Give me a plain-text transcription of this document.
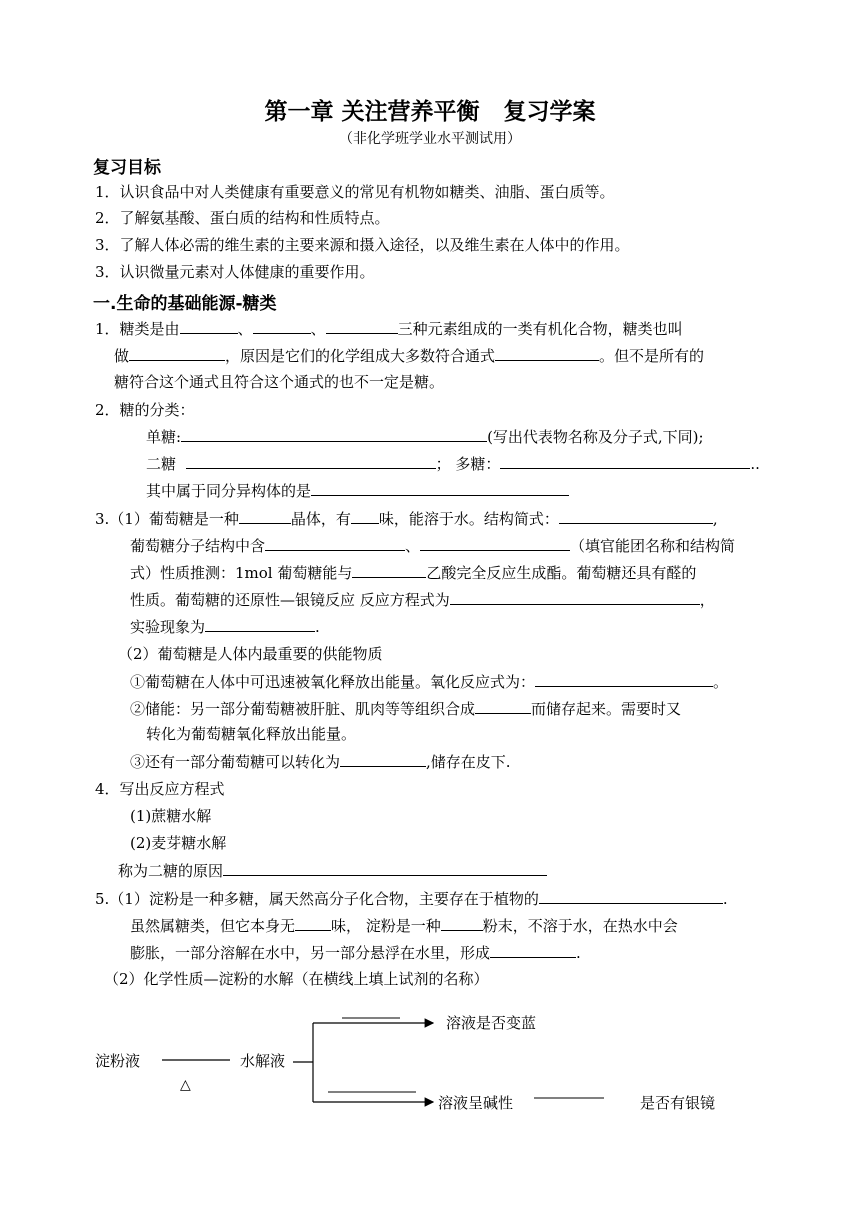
第一章 关注营养平衡 复习学案
（非化学班学业水平测试用）
复习目标
1．认识食品中对人类健康有重要意义的常见有机物如糖类、油脂、蛋白质等。
2．了解氨基酸、蛋白质的结构和性质特点。
3．了解人体必需的维生素的主要来源和摄入途径，以及维生素在人体中的作用。
3．认识微量元素对人体健康的重要作用。
一.生命的基础能源-糖类
1．糖类是由	、	、	三种元素组成的一类有机化合物，糖类也叫
做	，原因是它们的化学组成大多数符合通式	。但不是所有的
糖符合这个通式且符合这个通式的也不一定是糖。
2．糖的分类：
单糖:	(写出代表物名称及分子式,下同);
二糖	； 多糖：	..
其中属于同分异构体的是
3.（1）葡萄糖是一种	晶体，有 味，能溶于水。结构简式：	,
葡萄糖分子结构中含	、	（填官能团名称和结构简
式）性质推测：1mol 葡萄糖能与	乙酸完全反应生成酯。葡萄糖还具有醛的
性质。葡萄糖的还原性—银镜反应 反应方程式为	，
实验现象为	.
（2）葡萄糖是人体内最重要的供能物质
①葡萄糖在人体中可迅速被氧化释放出能量。氧化反应式为：	。
②储能：另一部分葡萄糖被肝脏、肌肉等等组织合成	而储存起来。需要时又
转化为葡萄糖氧化释放出能量。
③还有一部分葡萄糖可以转化为	,储存在皮下.
4．写出反应方程式
(1)蔗糖水解
(2)麦芽糖水解
称为二糖的原因
5.（1）淀粉是一种多糖，属天然高分子化合物，主要存在于植物的	.
虽然属糖类，但它本身无 味， 淀粉是一种	粉末，不溶于水，在热水中会
膨胀，一部分溶解在水中，另一部分悬浮在水里，形成	.
（2）化学性质—淀粉的水解（在横线上填上试剂的名称）
淀粉液
△
水解液
溶液是否变蓝
溶液呈碱性	是否有银镜
